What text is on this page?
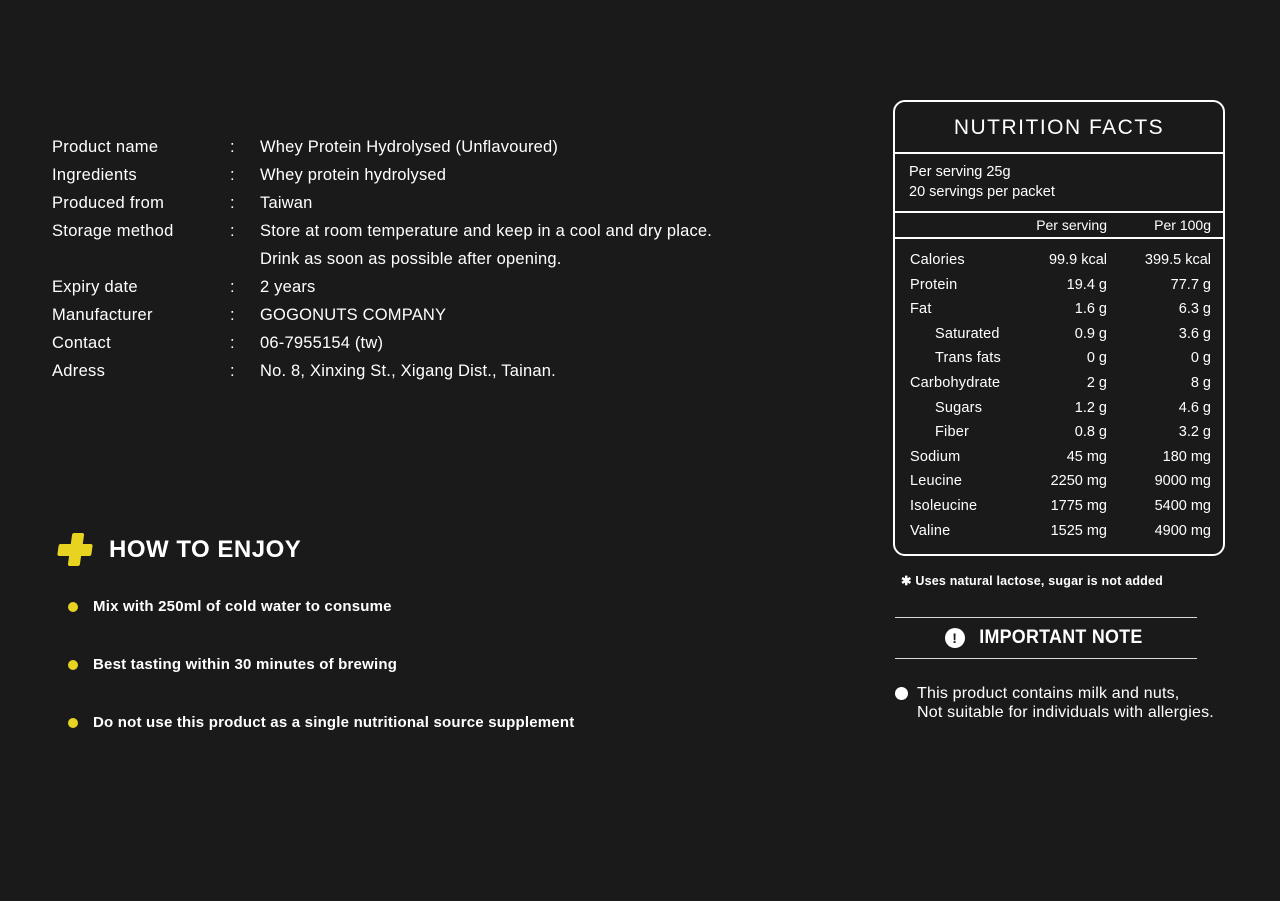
Product name	:	Whey Protein Hydrolysed (Unflavoured)
Ingredients	:	Whey protein hydrolysed
Produced from	:	Taiwan
Storage method	:	Store at room temperature and keep in a cool and dry place.
Drink as soon as possible after opening.
Expiry date	:	2 years
Manufacturer	:	GOGONUTS COMPANY
Contact	:	06-7955154 (tw)
Adress	:	No. 8, Xinxing St., Xigang Dist., Tainan.
HOW TO ENJOY
Mix with 250ml of cold water to consume
Best tasting within 30 minutes of brewing
Do not use this product as a single nutritional source supplement
NUTRITION FACTS
Per serving 25g
20 servings per packet
Per serving	Per 100g
Calories	99.9 kcal	399.5 kcal
Protein	19.4 g	77.7 g
Fat	1.6 g	6.3 g
Saturated	0.9 g	3.6 g
Trans fats	0 g	0 g
Carbohydrate	2 g	8 g
Sugars	1.2 g	4.6 g
Fiber	0.8 g	3.2 g
Sodium	45 mg	180 mg
Leucine	2250 mg	9000 mg
Isoleucine	1775 mg	5400 mg
Valine	1525 mg	4900 mg
✱ Uses natural lactose, sugar is not added
!	IMPORTANT NOTE
This product contains milk and nuts,
Not suitable for individuals with allergies.
